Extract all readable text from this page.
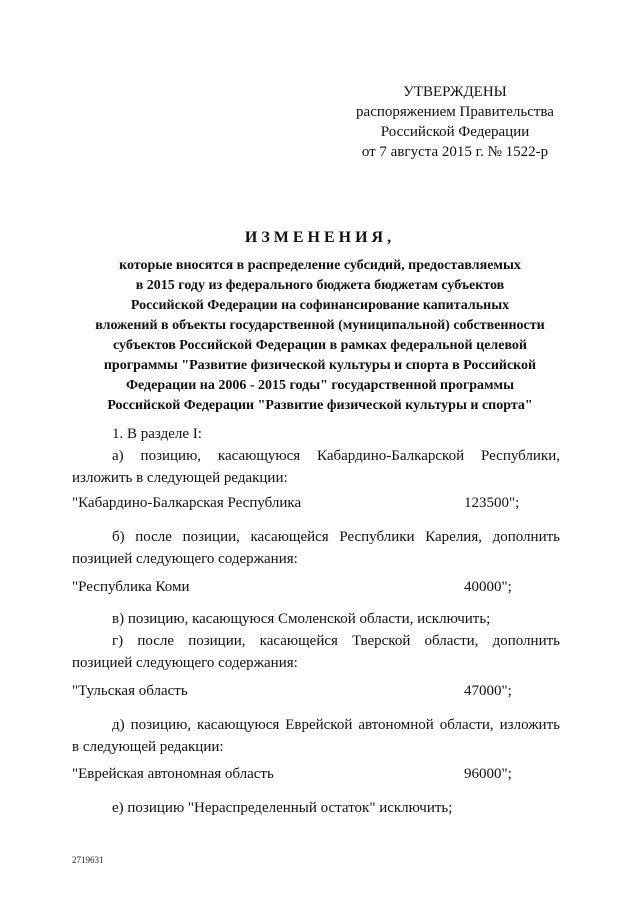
УТВЕРЖДЕНЫ
распоряжением Правительства
Российской Федерации
от 7 августа 2015 г. № 1522-р
ИЗМЕНЕНИЯ,
которые вносятся в распределение субсидий, предоставляемых
в 2015 году из федерального бюджета бюджетам субъектов
Российской Федерации на софинансирование капитальных
вложений в объекты государственной (муниципальной) собственности
субъектов Российской Федерации в рамках федеральной целевой
программы "Развитие физической культуры и спорта в Российской
Федерации на 2006 - 2015 годы" государственной программы
Российской Федерации "Развитие физической культуры и спорта"

1. В разделе I:

а) позицию, касающуюся Кабардино-Балкарской Республики,

изложить в следующей редакции:

"Кабардино-Балкарская Республика	123500";

б) после позиции, касающейся Республики Карелия, дополнить

позицией следующего содержания:

"Республика Коми	40000";

в) позицию, касающуюся Смоленской области, исключить;

г) после позиции, касающейся Тверской области, дополнить

позицией следующего содержания:

"Тульская область	47000";

д) позицию, касающуюся Еврейской автономной области, изложить

в следующей редакции:

"Еврейская автономная область	96000";

е) позицию "Нераспределенный остаток" исключить;

2719631
